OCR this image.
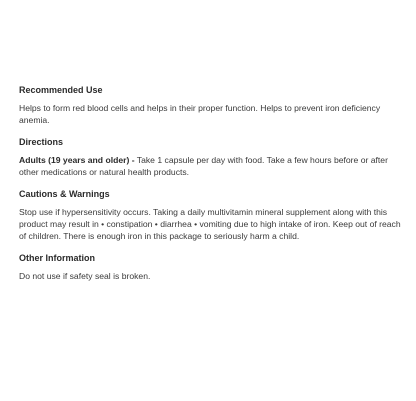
Recommended Use
Helps to form red blood cells and helps in their proper function. Helps to prevent iron deficiency anemia.
Directions
Adults (19 years and older) - Take 1 capsule per day with food. Take a few hours before or after other medications or natural health products.
Cautions & Warnings
Stop use if hypersensitivity occurs. Taking a daily multivitamin mineral supplement along with this product may result in • constipation • diarrhea • vomiting due to high intake of iron. Keep out of reach of children. There is enough iron in this package to seriously harm a child.
Other Information
Do not use if safety seal is broken.
